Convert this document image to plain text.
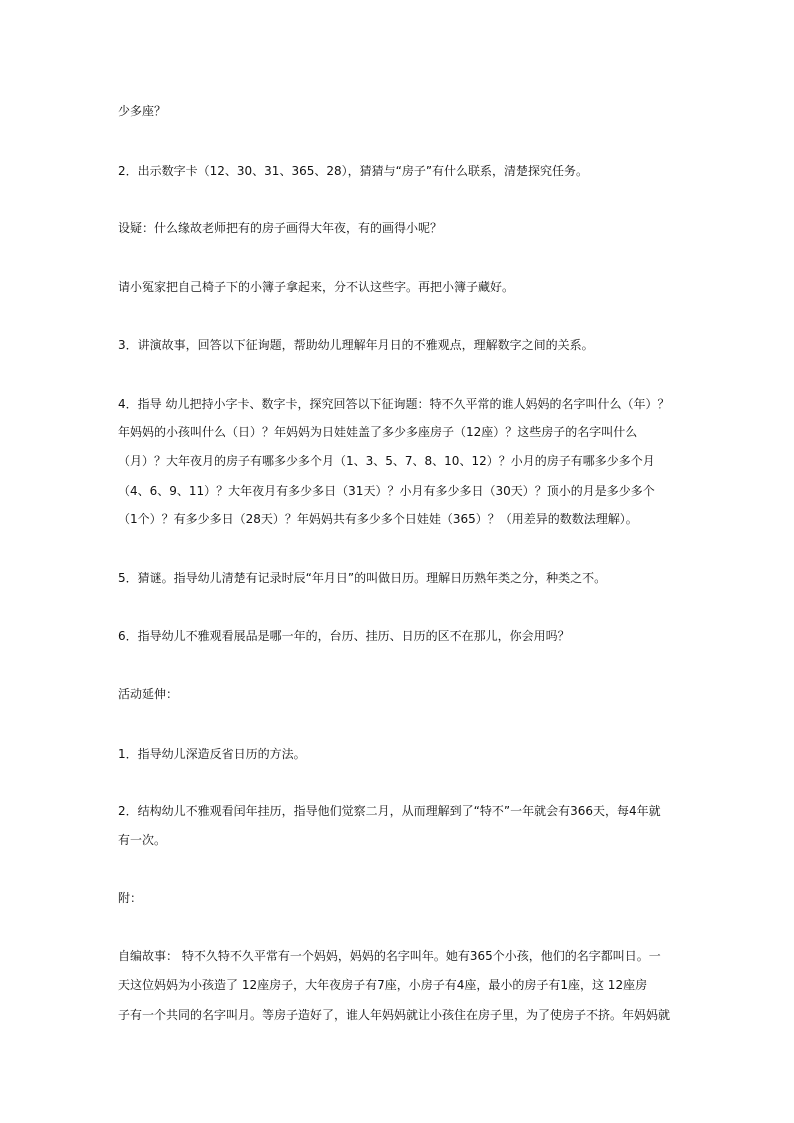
少多座？
2．出示数字卡（12、30、31、365、28），猜猜与“房子”有什么联系，清楚探究任务。
设疑：什么缘故老师把有的房子画得大年夜，有的画得小呢？
请小冤家把自己椅子下的小簿子拿起来，分不认这些字。再把小簿子藏好。
3．讲演故事，回答以下征询题，帮助幼儿理解年月日的不雅观点，理解数字之间的关系。
4．指导 幼儿把持小字卡、数字卡，探究回答以下征询题：特不久平常的谁人妈妈的名字叫什么（年）？
年妈妈的小孩叫什么（日）？年妈妈为日娃娃盖了多少多座房子（12座）？这些房子的名字叫什么
（月）？大年夜月的房子有哪多少多个月（1、3、5、7、8、10、12）？小月的房子有哪多少多个月
（4、6、9、11）？大年夜月有多少多日（31天）？小月有多少多日（30天）？顶小的月是多少多个
（1个）？有多少多日（28天）？年妈妈共有多少多个日娃娃（365）？（用差异的数数法理解）。
5．猜谜。指导幼儿清楚有记录时辰“年月日”的叫做日历。理解日历熟年类之分，种类之不。
6．指导幼儿不雅观看展品是哪一年的，台历、挂历、日历的区不在那儿，你会用吗？
活动延伸：
1．指导幼儿深造反省日历的方法。
2．结构幼儿不雅观看闰年挂历，指导他们觉察二月，从而理解到了“特不”一年就会有366天，每4年就
有一次。
附：
自编故事： 特不久特不久平常有一个妈妈，妈妈的名字叫年。她有365个小孩，他们的名字都叫日。一
天这位妈妈为小孩造了 12座房子，大年夜房子有7座，小房子有4座，最小的房子有1座，这 12座房
子有一个共同的名字叫月。等房子造好了，谁人年妈妈就让小孩住在房子里，为了使房子不挤。年妈妈就
